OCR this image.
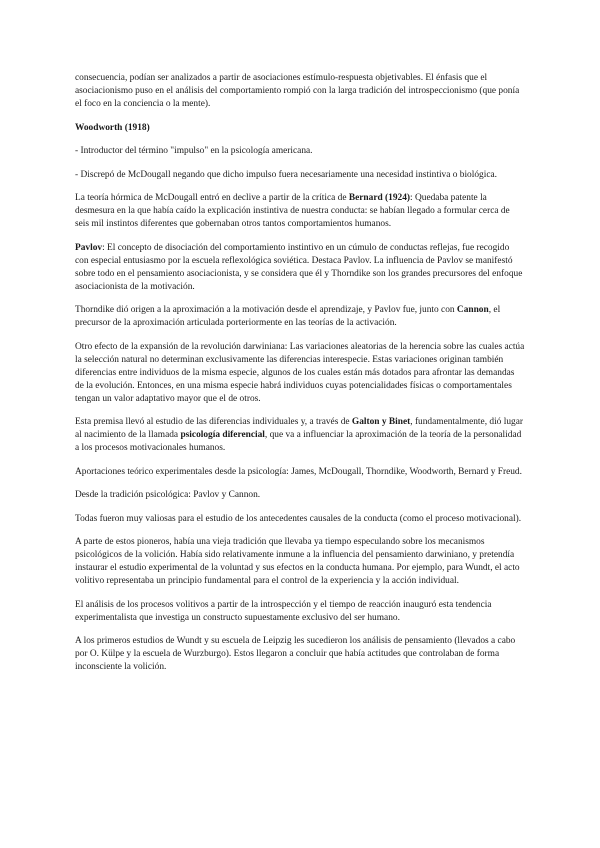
consecuencia, podían ser analizados a partir de asociaciones estímulo-respuesta objetivables. El énfasis que el asociacionismo puso en el análisis del comportamiento rompió con la larga tradición del introspeccionismo (que ponía el foco en la conciencia o la mente).

Woodworth (1918)

- Introductor del término "impulso" en la psicología americana.

- Discrepó de McDougall negando que dicho impulso fuera necesariamente una necesidad instintiva o biológica.

La teoría hórmica de McDougall entró en declive a partir de la crítica de Bernard (1924): Quedaba patente la desmesura en la que había caído la explicación instintiva de nuestra conducta: se habían llegado a formular cerca de seis mil instintos diferentes que gobernaban otros tantos comportamientos humanos.

Pavlov: El concepto de disociación del comportamiento instintivo en un cúmulo de conductas reflejas, fue recogido con especial entusiasmo por la escuela reflexológica soviética. Destaca Pavlov. La influencia de Pavlov se manifestó sobre todo en el pensamiento asociacionista, y se considera que él y Thorndike son los grandes precursores del enfoque asociacionista de la motivación.

Thorndike dió origen a la aproximación a la motivación desde el aprendizaje, y Pavlov fue, junto con Cannon, el precursor de la aproximación articulada porteriormente en las teorías de la activación.

Otro efecto de la expansión de la revolución darwiniana: Las variaciones aleatorias de la herencia sobre las cuales actúa la selección natural no determinan exclusivamente las diferencias interespecie. Estas variaciones originan también diferencias entre individuos de la misma especie, algunos de los cuales están más dotados para afrontar las demandas de la evolución. Entonces, en una misma especie habrá individuos cuyas potencialidades físicas o comportamentales tengan un valor adaptativo mayor que el de otros.

Esta premisa llevó al estudio de las diferencias individuales y, a través de Galton y Binet, fundamentalmente, dió lugar al nacimiento de la llamada psicología diferencial, que va a influenciar la aproximación de la teoría de la personalidad a los procesos motivacionales humanos.

Aportaciones teórico experimentales desde la psicología: James, McDougall, Thorndike, Woodworth, Bernard y Freud.

Desde la tradición psicológica: Pavlov y Cannon.

Todas fueron muy valiosas para el estudio de los antecedentes causales de la conducta (como el proceso motivacional).

A parte de estos pioneros, había una vieja tradición que llevaba ya tiempo especulando sobre los mecanismos psicológicos de la volición. Había sido relativamente inmune a la influencia del pensamiento darwiniano, y pretendía instaurar el estudio experimental de la voluntad y sus efectos en la conducta humana. Por ejemplo, para Wundt, el acto volitivo representaba un principio fundamental para el control de la experiencia y la acción individual.

El análisis de los procesos volitivos a partir de la introspección y el tiempo de reacción inauguró esta tendencia experimentalista que investiga un constructo supuestamente exclusivo del ser humano.

A los primeros estudios de Wundt y su escuela de Leipzig les sucedieron los análisis de pensamiento (llevados a cabo por O. Külpe y la escuela de Wurzburgo). Estos llegaron a concluir que había actitudes que controlaban de forma inconsciente la volición.
